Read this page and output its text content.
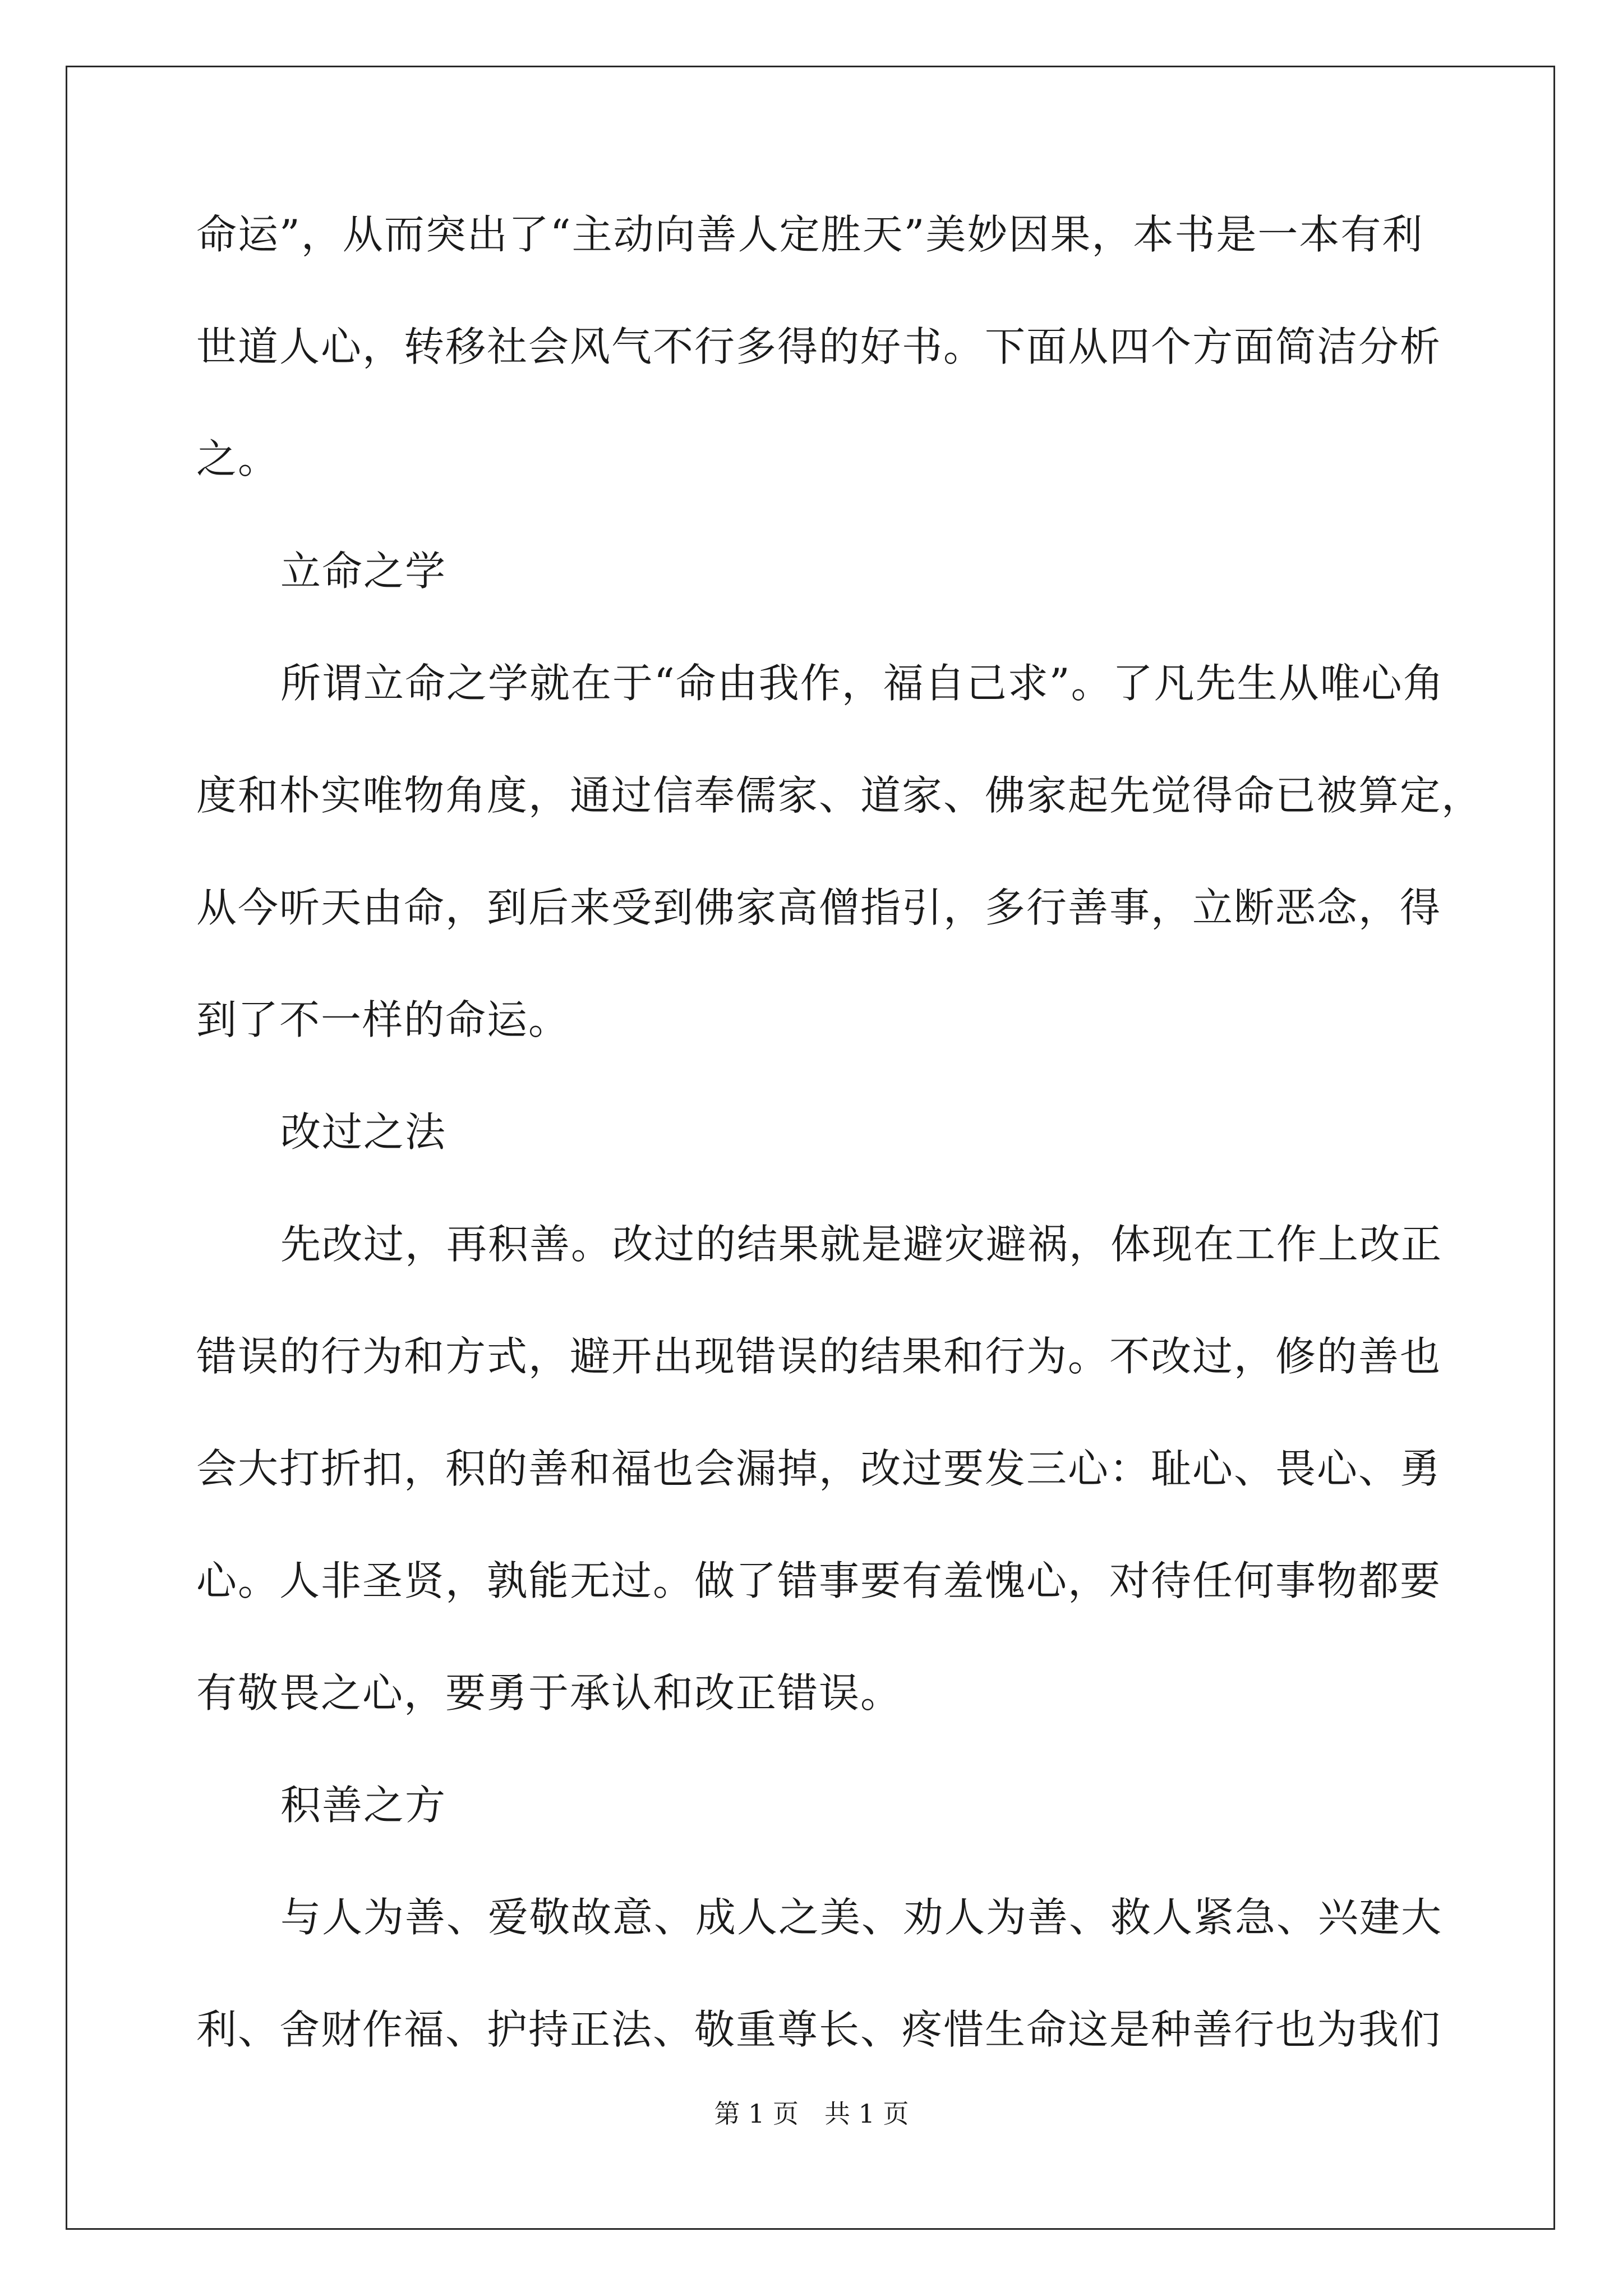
命运”，从而突出了“主动向善人定胜天”美妙因果，本书是一本有利
世道人心，转移社会风气不行多得的好书。下面从四个方面简洁分析
之。
立命之学
所谓立命之学就在于“命由我作，福自己求”。了凡先生从唯心角
度和朴实唯物角度，通过信奉儒家、道家、佛家起先觉得命已被算定，
从今听天由命，到后来受到佛家高僧指引，多行善事，立断恶念，得
到了不一样的命运。
改过之法
先改过，再积善。改过的结果就是避灾避祸，体现在工作上改正
错误的行为和方式，避开出现错误的结果和行为。不改过，修的善也
会大打折扣，积的善和福也会漏掉，改过要发三心：耻心、畏心、勇
心。人非圣贤，孰能无过。做了错事要有羞愧心，对待任何事物都要
有敬畏之心，要勇于承认和改正错误。
积善之方
与人为善、爱敬故意、成人之美、劝人为善、救人紧急、兴建大
利、舍财作福、护持正法、敬重尊长、疼惜生命这是种善行也为我们
第 1 页　共 1 页
